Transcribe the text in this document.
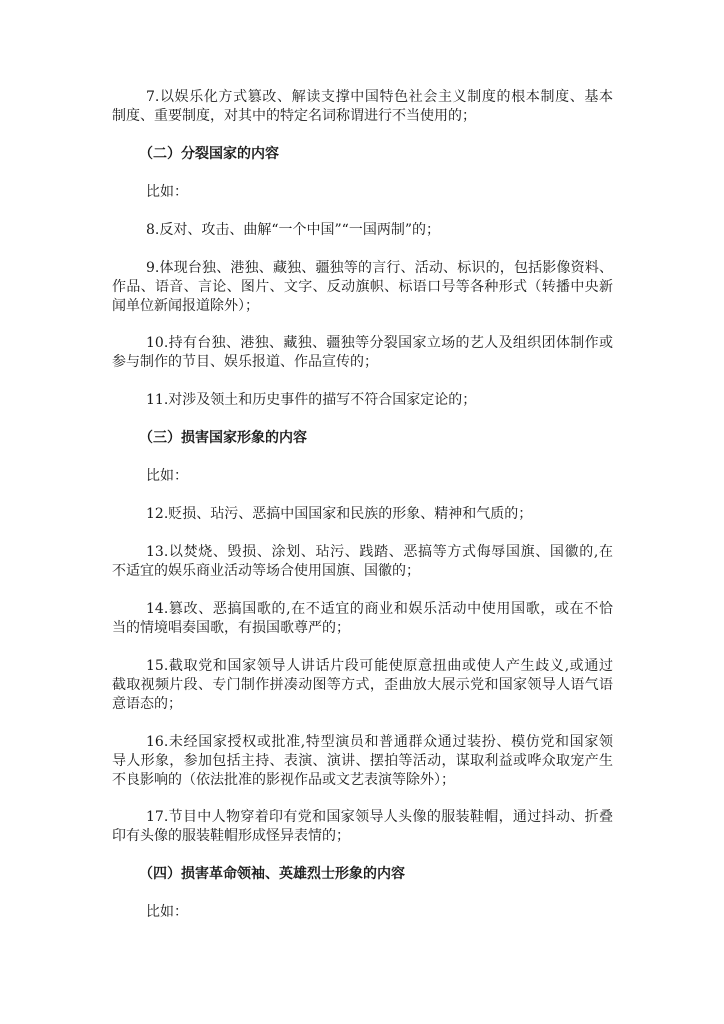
7.以娱乐化方式篡改、解读支撑中国特色社会主义制度的根本制度、基本
制度、重要制度，对其中的特定名词称谓进行不当使用的；
（二）分裂国家的内容
比如：
8.反对、攻击、曲解“一个中国”“一国两制”的；
9.体现台独、港独、藏独、疆独等的言行、活动、标识的，包括影像资料、
作品、语音、言论、图片、文字、反动旗帜、标语口号等各种形式（转播中央新
闻单位新闻报道除外）；
10.持有台独、港独、藏独、疆独等分裂国家立场的艺人及组织团体制作或
参与制作的节目、娱乐报道、作品宣传的；
11.对涉及领土和历史事件的描写不符合国家定论的；
（三）损害国家形象的内容
比如：
12.贬损、玷污、恶搞中国国家和民族的形象、精神和气质的；
13.以焚烧、毁损、涂划、玷污、践踏、恶搞等方式侮辱国旗、国徽的,在
不适宜的娱乐商业活动等场合使用国旗、国徽的；
14.篡改、恶搞国歌的,在不适宜的商业和娱乐活动中使用国歌，或在不恰
当的情境唱奏国歌，有损国歌尊严的；
15.截取党和国家领导人讲话片段可能使原意扭曲或使人产生歧义,或通过
截取视频片段、专门制作拼凑动图等方式，歪曲放大展示党和国家领导人语气语
意语态的；
16.未经国家授权或批准,特型演员和普通群众通过装扮、模仿党和国家领
导人形象，参加包括主持、表演、演讲、摆拍等活动，谋取利益或哗众取宠产生
不良影响的（依法批准的影视作品或文艺表演等除外）；
17.节目中人物穿着印有党和国家领导人头像的服装鞋帽，通过抖动、折叠
印有头像的服装鞋帽形成怪异表情的；
（四）损害革命领袖、英雄烈士形象的内容
比如：
